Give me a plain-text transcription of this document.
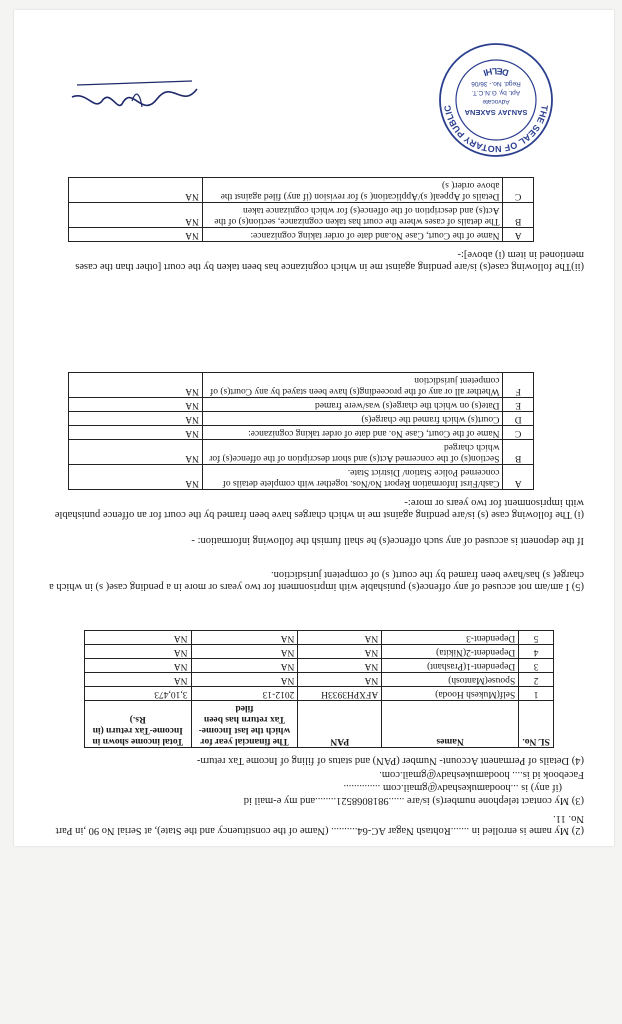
(2) My name is enrolled in .......Rohtash Nagar AC-64.......... (Name of the constituency and the State), at Serial No 90 ,in Part No. 11.
(3) My contact telephone number(s) is/are ......9818068521........and my e-mail id
(if any) is ...hoodamukeshadv@gmail.com ..............
Facebook id is.... hoodamukeshadv@gmail.com.
(4) Details of Permanent Account- Number (PAN) and status of filing of Income Tax return-
SL No.	Names	PAN	The financial year for which the last Income-Tax return has been filed	Total income shown in Income-Tax return (in Rs.)
1	Self(Mukesh Hooda)	AFXPH3933H	2012-13	3,10,473
2	Spouse(Mantosh)	NA	NA	NA
3	Dependent-1(Prashant)	NA	NA	NA
4	Dependent-2(Nikita)	NA	NA	NA
5	Dependent-3	NA	NA	NA
(5) I am/am not accused of any offence(s) punishable with imprisonment for two years or more in a pending case( s) in which a charge( s) has/have been framed by the court( s) of competent jurisdiction.
If the deponent is accused of any such offence(s) he shall furnish the following information: -
(i) The following case (s) is/are pending against me in which charges have been framed by the court for an offence punishable with imprisonment for two years or more:-
A	Cash/First Information Report No/Nos. together with complete details of concerned Police Station/ District State.	NA
B	Section(s) of the concerned Act(s) and short description of the offence(s) for which charged	NA
C	Name of the Court, Case No. and date of order taking cognizance:	NA
D	Court(s) which framed the charge(s)	NA
E	Date(s) on which the charge(s) was/were framed	NA
F	Whether all or any of the proceeding(s) have been stayed by any Court(s) of competent jurisdiction	NA
(ii)The following case(s) is/are pending against me in which cognizance has been taken by the court [other than the cases mentioned in item (i) above]:-
A	Name of the Court, Case No.and date of order taking cognizance:	NA
B	The details of cases where the court has taken cognizance, section(s) of the Act(s) and description of the offence(s) for which cognizance taken	NA
C	Details of Appeal( s)/Application( s) for revision (if any) filed against the above order( s)	NA
THE SEAL OF NOTARY PUBLIC
DELHI
SANJAY SAXENA
Advocate
Apt. by. G.N.C.T.
Regd. No.- 36/06
